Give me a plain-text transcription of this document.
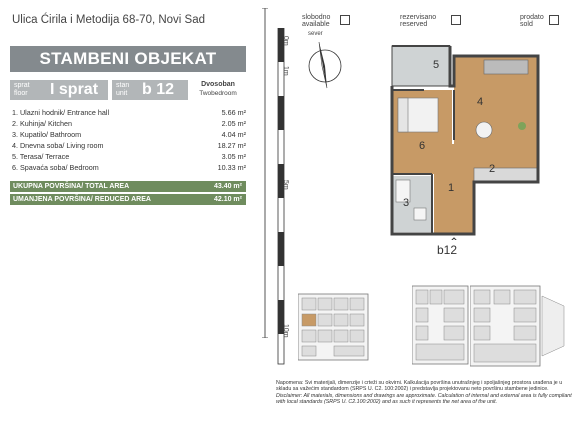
Ulica Ćirila i Metodija 68-70, Novi Sad
STAMBENI OBJEKAT
sprat
floor I sprat	stan
unit b 12	Dvosoban
Twobedroom
1. Ulazni hodnik/ Entrance hall	5.66 m²
2. Kuhinja/ Kitchen	2.05 m²
3. Kupatilo/ Bathroom	4.04 m²
4. Dnevna soba/ Living room	18.27 m²
5. Terasa/ Terrace	3.05 m²
6. Spavaća soba/ Bedroom	10.33 m²
UKUPNA POVRŠINA/ TOTAL AREA	43.40 m²
UMANJENA POVRŠINA/ REDUCED AREA	42.10 m²
0m
1m
5m
10m
sever
slobodno
available
rezervisano
reserved
prodato
sold
5
4
6
2
1
3
b12
Napomena: Svi materijali, dimenzije i crteži su okvirni. Kalkulacija površina unutrašnjeg i spoljašnjeg prostora urađena je u skladu sa važećim standardom (SRPS U. C2. 100:2002) i predstavlja projektovanu neto površinu stambene jedinice.
Disclaimer: All materials, dimensions and drawings are approximate. Calculation of internal and external area is fully compliant with local standards (SRPS U. C2.100:2002) and as such it represents the net area of the unit.
